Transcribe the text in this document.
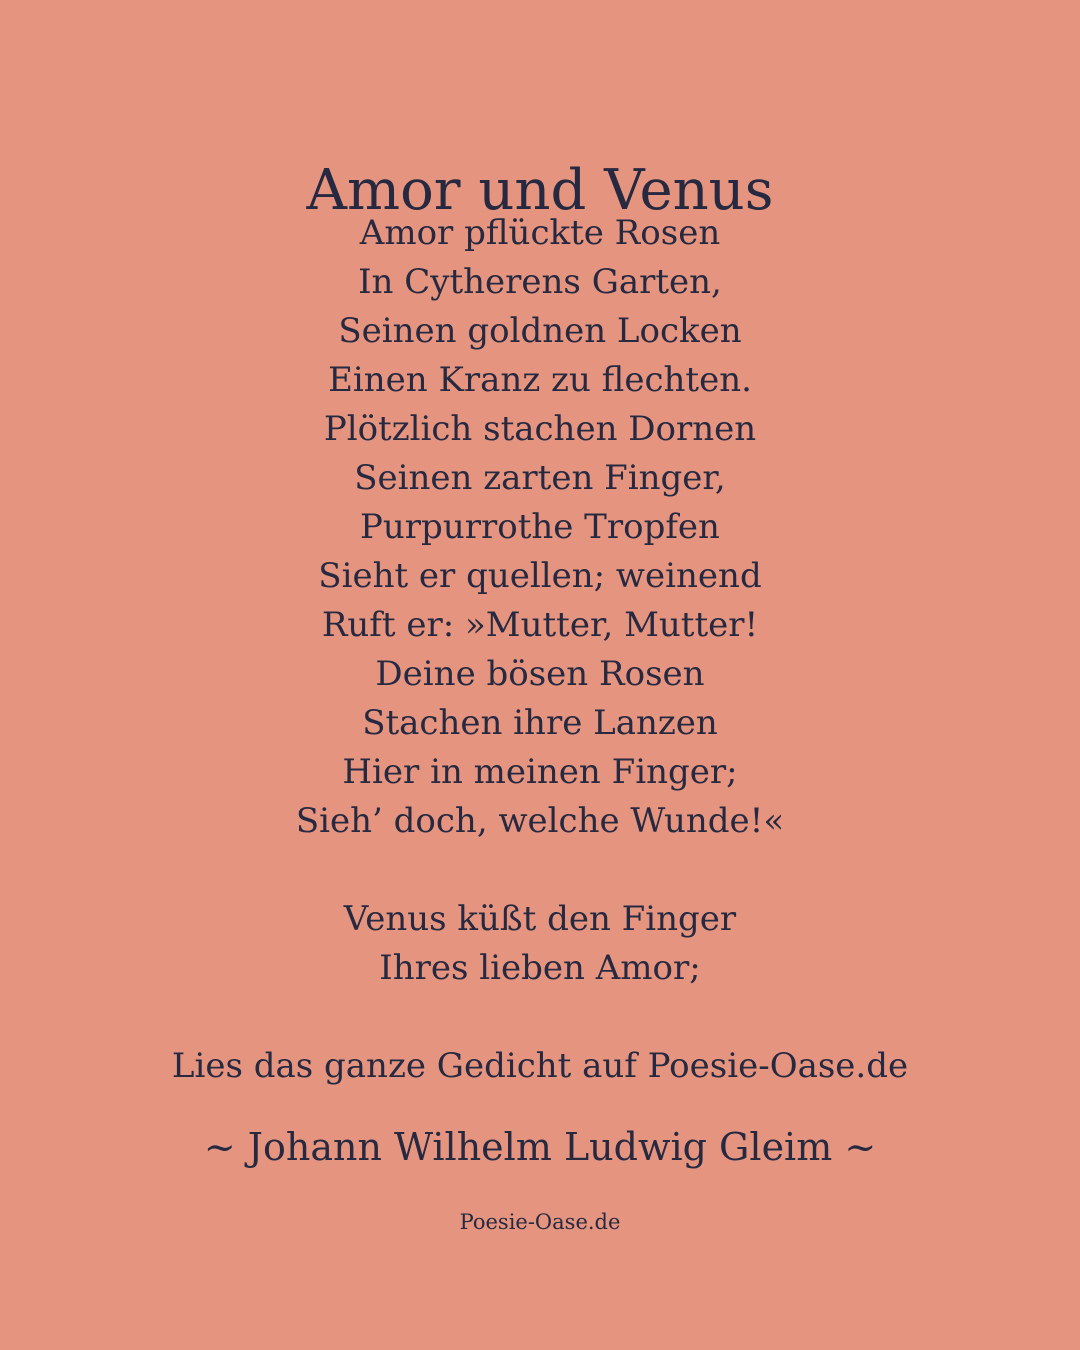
Amor und Venus
Amor pflückte Rosen
In Cytherens Garten,
Seinen goldnen Locken
Einen Kranz zu flechten.
Plötzlich stachen Dornen
Seinen zarten Finger,
Purpurrothe Tropfen
Sieht er quellen; weinend
Ruft er: »Mutter, Mutter!
Deine bösen Rosen
Stachen ihre Lanzen
Hier in meinen Finger;
Sieh’ doch, welche Wunde!«
Venus küßt den Finger
Ihres lieben Amor;
Lies das ganze Gedicht auf Poesie-Oase.de
~ Johann Wilhelm Ludwig Gleim ~
Poesie-Oase.de
